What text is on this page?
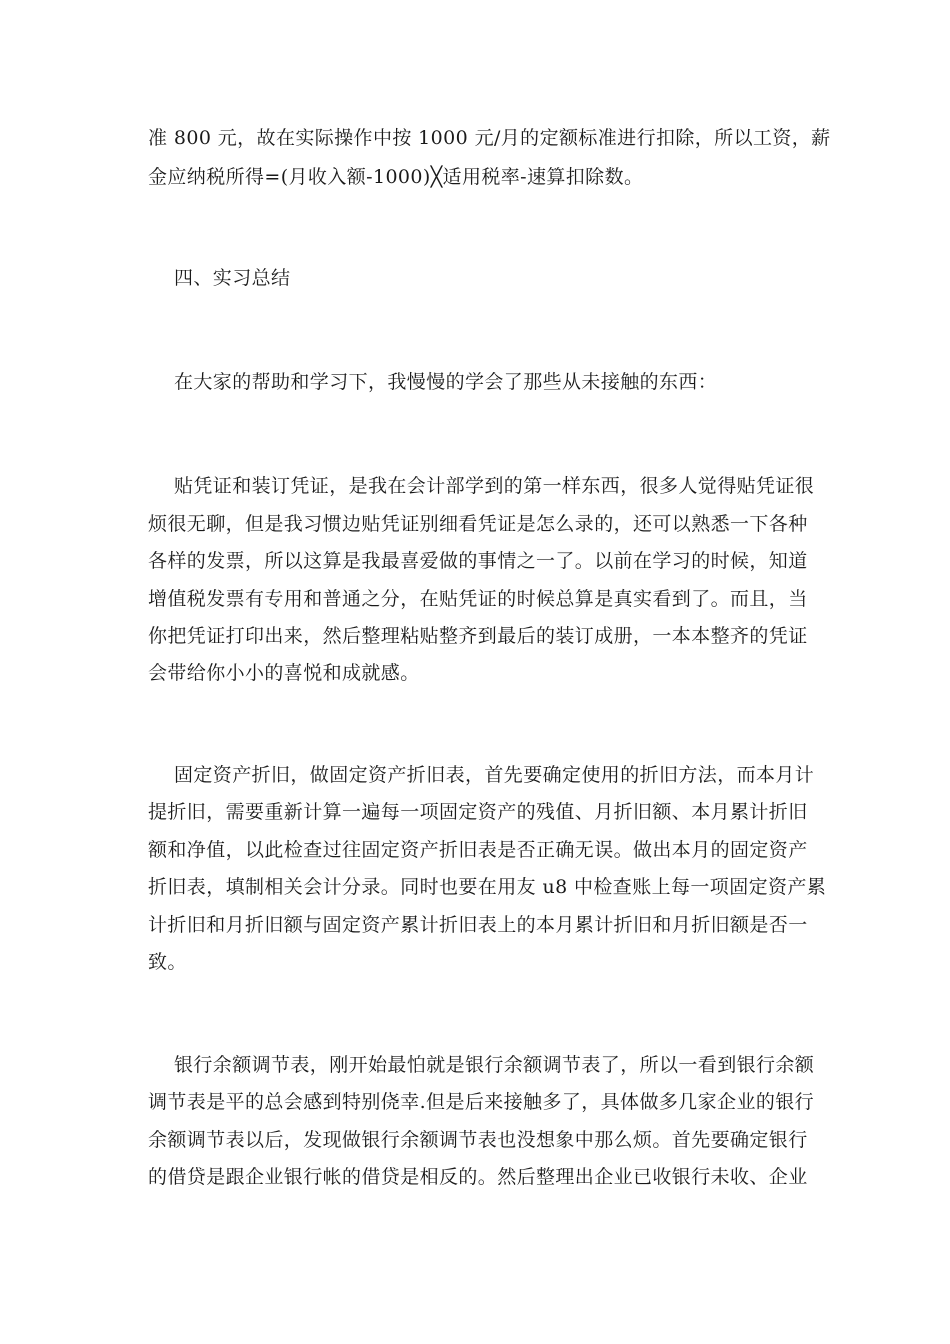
准 800 元，故在实际操作中按 1000 元/月的定额标准进行扣除，所以工资，薪
金应纳税所得=(月收入额-1000)╳适用税率-速算扣除数。
四、实习总结
在大家的帮助和学习下，我慢慢的学会了那些从未接触的东西：
贴凭证和装订凭证，是我在会计部学到的第一样东西，很多人觉得贴凭证很
烦很无聊，但是我习惯边贴凭证别细看凭证是怎么录的，还可以熟悉一下各种
各样的发票，所以这算是我最喜爱做的事情之一了。以前在学习的时候，知道
增值税发票有专用和普通之分，在贴凭证的时候总算是真实看到了。而且，当
你把凭证打印出来，然后整理粘贴整齐到最后的装订成册，一本本整齐的凭证
会带给你小小的喜悦和成就感。
固定资产折旧，做固定资产折旧表，首先要确定使用的折旧方法，而本月计
提折旧，需要重新计算一遍每一项固定资产的残值、月折旧额、本月累计折旧
额和净值，以此检查过往固定资产折旧表是否正确无误。做出本月的固定资产
折旧表，填制相关会计分录。同时也要在用友 u8 中检查账上每一项固定资产累
计折旧和月折旧额与固定资产累计折旧表上的本月累计折旧和月折旧额是否一
致。
银行余额调节表，刚开始最怕就是银行余额调节表了，所以一看到银行余额
调节表是平的总会感到特别侥幸.但是后来接触多了，具体做多几家企业的银行
余额调节表以后，发现做银行余额调节表也没想象中那么烦。首先要确定银行
的借贷是跟企业银行帐的借贷是相反的。然后整理出企业已收银行未收、企业
